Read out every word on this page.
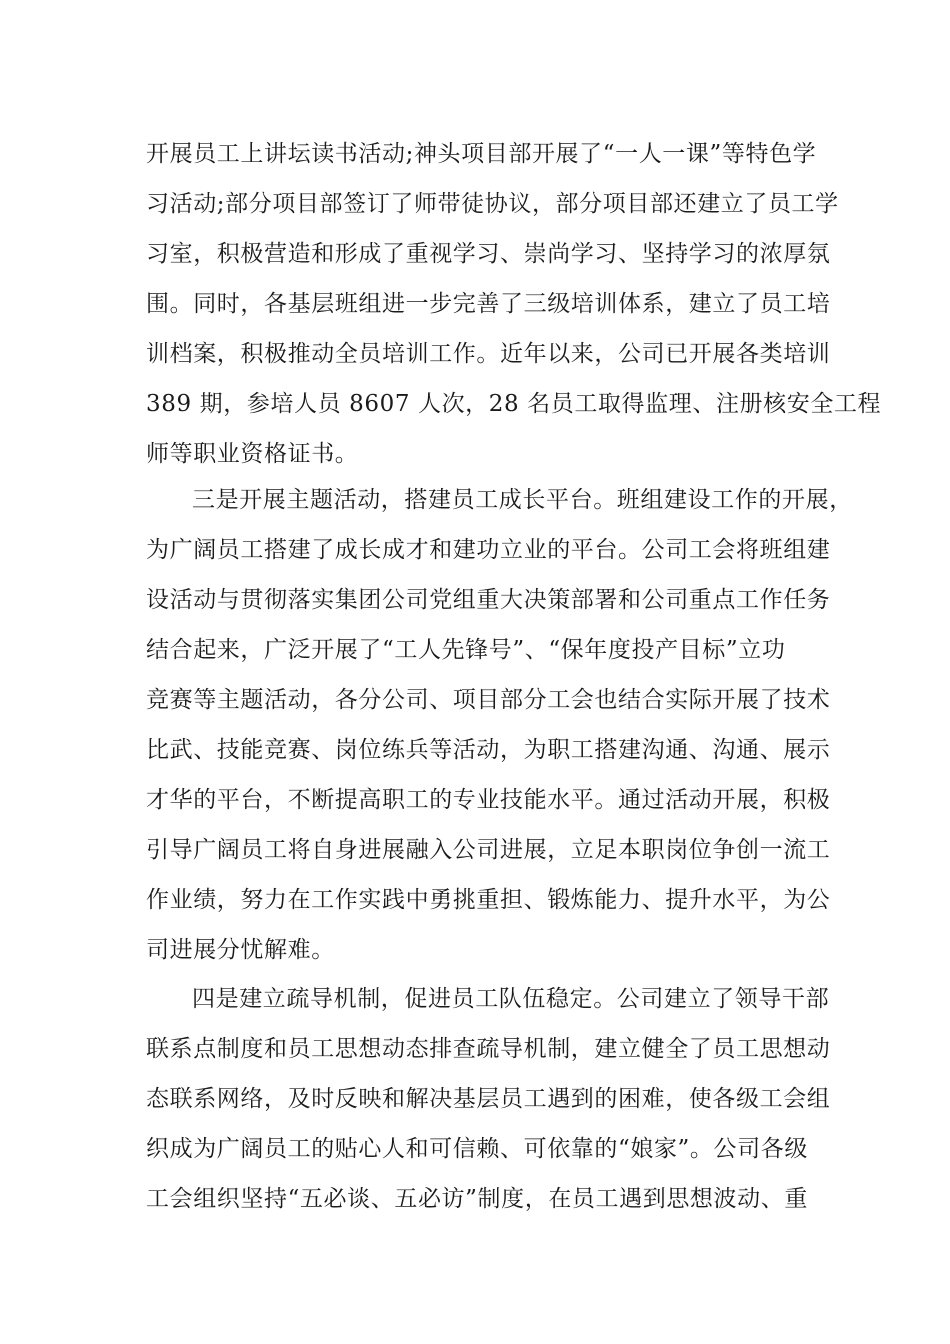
开展员工上讲坛读书活动;神头项目部开展了“一人一课”等特色学
习活动;部分项目部签订了师带徒协议，部分项目部还建立了员工学
习室，积极营造和形成了重视学习、崇尚学习、坚持学习的浓厚氛
围。同时，各基层班组进一步完善了三级培训体系，建立了员工培
训档案，积极推动全员培训工作。近年以来，公司已开展各类培训
389 期，参培人员 8607 人次，28 名员工取得监理、注册核安全工程
师等职业资格证书。
三是开展主题活动，搭建员工成长平台。班组建设工作的开展，
为广阔员工搭建了成长成才和建功立业的平台。公司工会将班组建
设活动与贯彻落实集团公司党组重大决策部署和公司重点工作任务
结合起来，广泛开展了“工人先锋号”、“保年度投产目标”立功
竞赛等主题活动，各分公司、项目部分工会也结合实际开展了技术
比武、技能竞赛、岗位练兵等活动，为职工搭建沟通、沟通、展示
才华的平台，不断提高职工的专业技能水平。通过活动开展，积极
引导广阔员工将自身进展融入公司进展，立足本职岗位争创一流工
作业绩，努力在工作实践中勇挑重担、锻炼能力、提升水平，为公
司进展分忧解难。
四是建立疏导机制，促进员工队伍稳定。公司建立了领导干部
联系点制度和员工思想动态排查疏导机制，建立健全了员工思想动
态联系网络，及时反映和解决基层员工遇到的困难，使各级工会组
织成为广阔员工的贴心人和可信赖、可依靠的“娘家”。公司各级
工会组织坚持“五必谈、五必访”制度，在员工遇到思想波动、重
